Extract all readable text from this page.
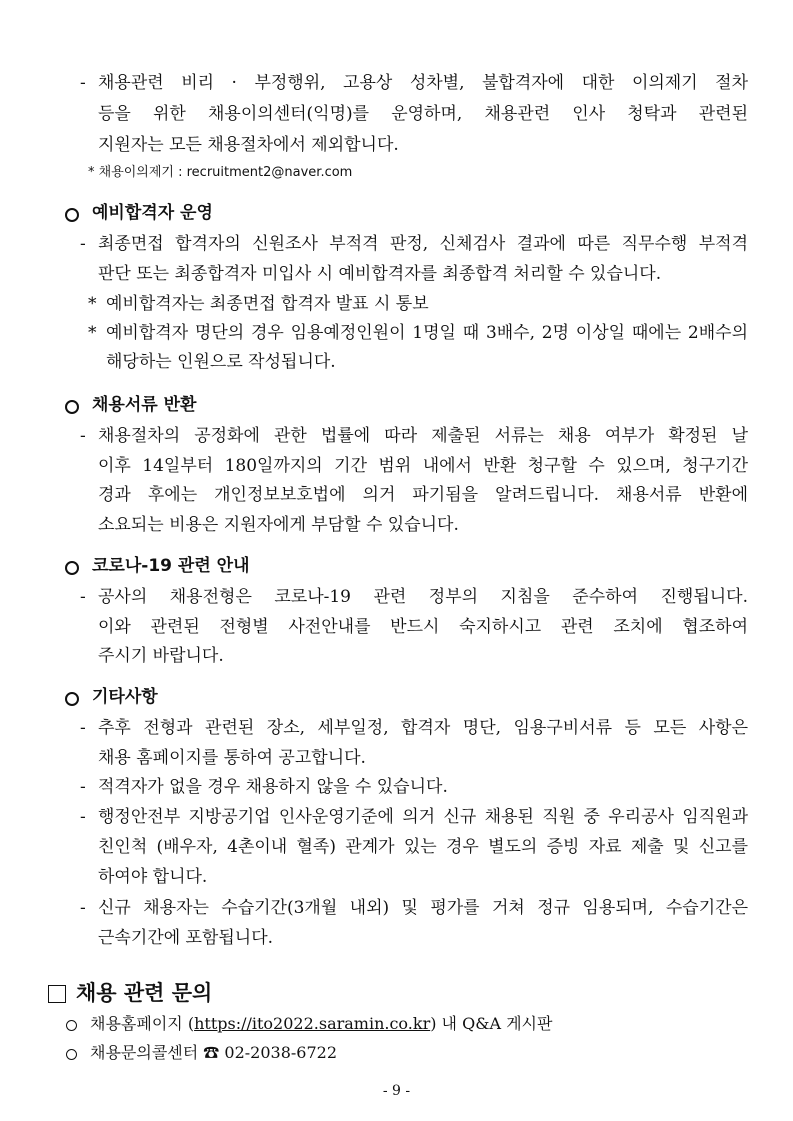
- 채용관련 비리 · 부정행위, 고용상 성차별, 불합격자에 대한 이의제기 절차
등을 위한 채용이의센터(익명)를 운영하며, 채용관련 인사 청탁과 관련된
지원자는 모든 채용절차에서 제외합니다.
* 채용이의제기 : recruitment2@naver.com
예비합격자 운영
- 최종면접 합격자의 신원조사 부적격 판정, 신체검사 결과에 따른 직무수행 부적격
판단 또는 최종합격자 미입사 시 예비합격자를 최종합격 처리할 수 있습니다.
* 예비합격자는 최종면접 합격자 발표 시 통보
* 예비합격자 명단의 경우 임용예정인원이 1명일 때 3배수, 2명 이상일 때에는 2배수의
해당하는 인원으로 작성됩니다.
채용서류 반환
- 채용절차의 공정화에 관한 법률에 따라 제출된 서류는 채용 여부가 확정된 날
이후 14일부터 180일까지의 기간 범위 내에서 반환 청구할 수 있으며, 청구기간
경과 후에는 개인정보보호법에 의거 파기됨을 알려드립니다. 채용서류 반환에
소요되는 비용은 지원자에게 부담할 수 있습니다.
코로나-19 관련 안내
- 공사의 채용전형은 코로나-19 관련 정부의 지침을 준수하여 진행됩니다.
이와 관련된 전형별 사전안내를 반드시 숙지하시고 관련 조치에 협조하여
주시기 바랍니다.
기타사항
- 추후 전형과 관련된 장소, 세부일정, 합격자 명단, 임용구비서류 등 모든 사항은
채용 홈페이지를 통하여 공고합니다.
- 적격자가 없을 경우 채용하지 않을 수 있습니다.
- 행정안전부 지방공기업 인사운영기준에 의거 신규 채용된 직원 중 우리공사 임직원과
친인척 (배우자, 4촌이내 혈족) 관계가 있는 경우 별도의 증빙 자료 제출 및 신고를
하여야 합니다.
- 신규 채용자는 수습기간(3개월 내외) 및 평가를 거쳐 정규 임용되며, 수습기간은
근속기간에 포함됩니다.
채용 관련 문의
채용홈페이지 (https://ito2022.saramin.co.kr) 내 Q&A 게시판
채용문의콜센터 ☎ 02-2038-6722
- 9 -
